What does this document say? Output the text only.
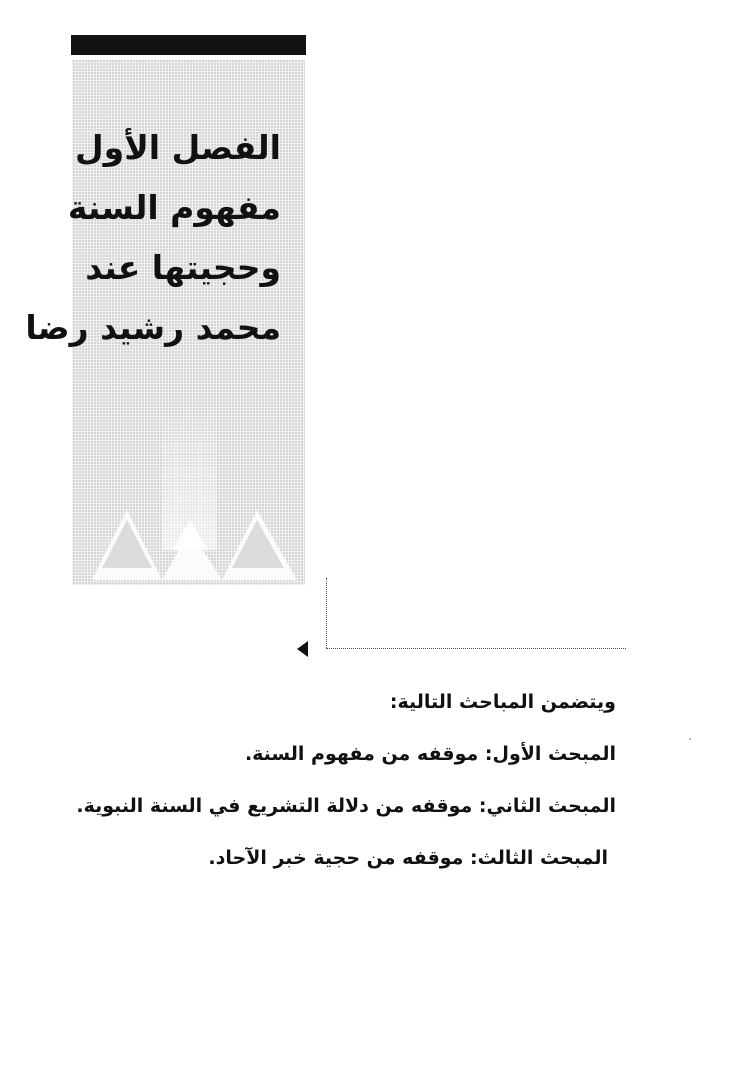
الفصل الأول
مفهوم السنة
وحجيتها عند
محمد رشيد رضا
ويتضمن المباحث التالية:
المبحث الأول: موقفه من مفهوم السنة.
المبحث الثاني: موقفه من دلالة التشريع في السنة النبوية.
المبحث الثالث: موقفه من حجية خبر الآحاد.
